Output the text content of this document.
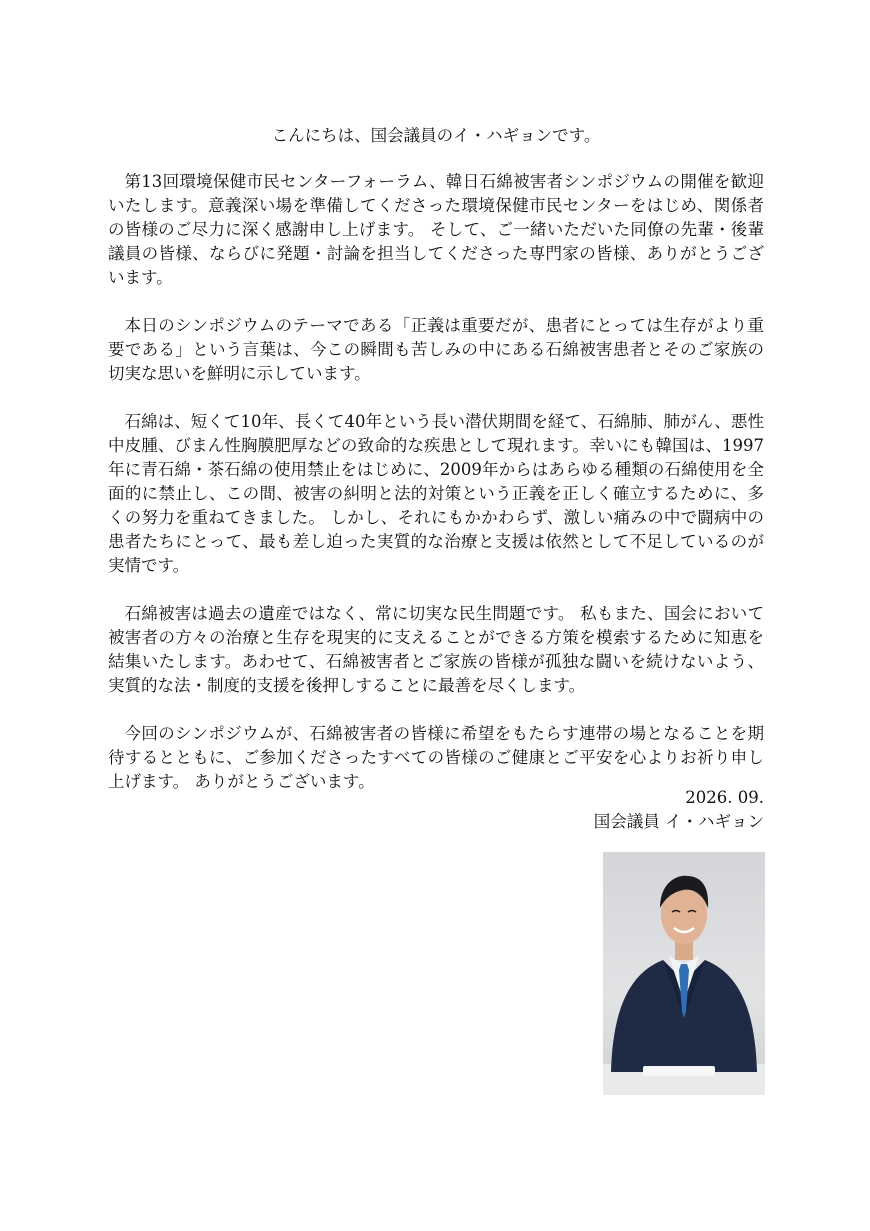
こんにちは、国会議員のイ・ハギョンです。

第13回環境保健市民センターフォーラム、韓日石綿被害者シンポジウムの開催を歓迎いたします。意義深い場を準備してくださった環境保健市民センターをはじめ、関係者の皆様のご尽力に深く感謝申し上げます。 そして、ご一緒いただいた同僚の先輩・後輩議員の皆様、ならびに発題・討論を担当してくださった専門家の皆様、ありがとうございます。

本日のシンポジウムのテーマである「正義は重要だが、患者にとっては生存がより重要である」という言葉は、今この瞬間も苦しみの中にある石綿被害患者とそのご家族の切実な思いを鮮明に示しています。

石綿は、短くて10年、長くて40年という長い潜伏期間を経て、石綿肺、肺がん、悪性中皮腫、びまん性胸膜肥厚などの致命的な疾患として現れます。幸いにも韓国は、1997年に青石綿・茶石綿の使用禁止をはじめに、2009年からはあらゆる種類の石綿使用を全面的に禁止し、この間、被害の糾明と法的対策という正義を正しく確立するために、多くの努力を重ねてきました。 しかし、それにもかかわらず、激しい痛みの中で闘病中の患者たちにとって、最も差し迫った実質的な治療と支援は依然として不足しているのが実情です。

石綿被害は過去の遺産ではなく、常に切実な民生問題です。 私もまた、国会において被害者の方々の治療と生存を現実的に支えることができる方策を模索するために知恵を結集いたします。あわせて、石綿被害者とご家族の皆様が孤独な闘いを続けないよう、実質的な法・制度的支援を後押しすることに最善を尽くします。

今回のシンポジウムが、石綿被害者の皆様に希望をもたらす連帯の場となることを期待するとともに、ご参加くださったすべての皆様のご健康とご平安を心よりお祈り申し上げます。 ありがとうございます。

2026. 09.
国会議員 イ・ハギョン
